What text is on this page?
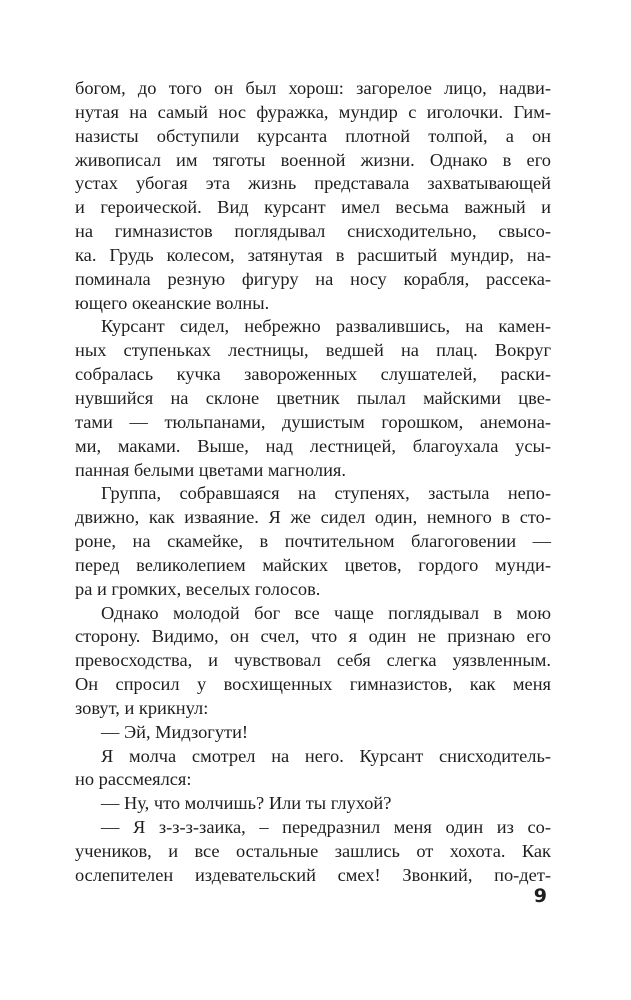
богом, до того он был хорош: загорелое лицо, надви-
нутая на самый нос фуражка, мундир с иголочки. Гим-
назисты обступили курсанта плотной толпой, а он
живописал им тяготы военной жизни. Однако в его
устах убогая эта жизнь представала захватывающей
и героической. Вид курсант имел весьма важный и
на гимназистов поглядывал снисходительно, свысо-
ка. Грудь колесом, затянутая в расшитый мундир, на-
поминала резную фигуру на носу корабля, рассека-
ющего океанские волны.
Курсант сидел, небрежно развалившись, на камен-
ных ступеньках лестницы, ведшей на плац. Вокруг
собралась кучка завороженных слушателей, раски-
нувшийся на склоне цветник пылал майскими цве-
тами — тюльпанами, душистым горошком, анемона-
ми, маками. Выше, над лестницей, благоухала усы-
панная белыми цветами магнолия.
Группа, собравшаяся на ступенях, застыла непо-
движно, как изваяние. Я же сидел один, немного в сто-
роне, на скамейке, в почтительном благоговении —
перед великолепием майских цветов, гордого мунди-
ра и громких, веселых голосов.
Однако молодой бог все чаще поглядывал в мою
сторону. Видимо, он счел, что я один не признаю его
превосходства, и чувствовал себя слегка уязвленным.
Он спросил у восхищенных гимназистов, как меня
зовут, и крикнул:
— Эй, Мидзогути!
Я молча смотрел на него. Курсант снисходитель-
но рассмеялся:
— Ну, что молчишь? Или ты глухой?
— Я з-з-з-заика, – передразнил меня один из со-
учеников, и все остальные зашлись от хохота. Как
ослепителен издевательский смех! Звонкий, по-дет-
9
